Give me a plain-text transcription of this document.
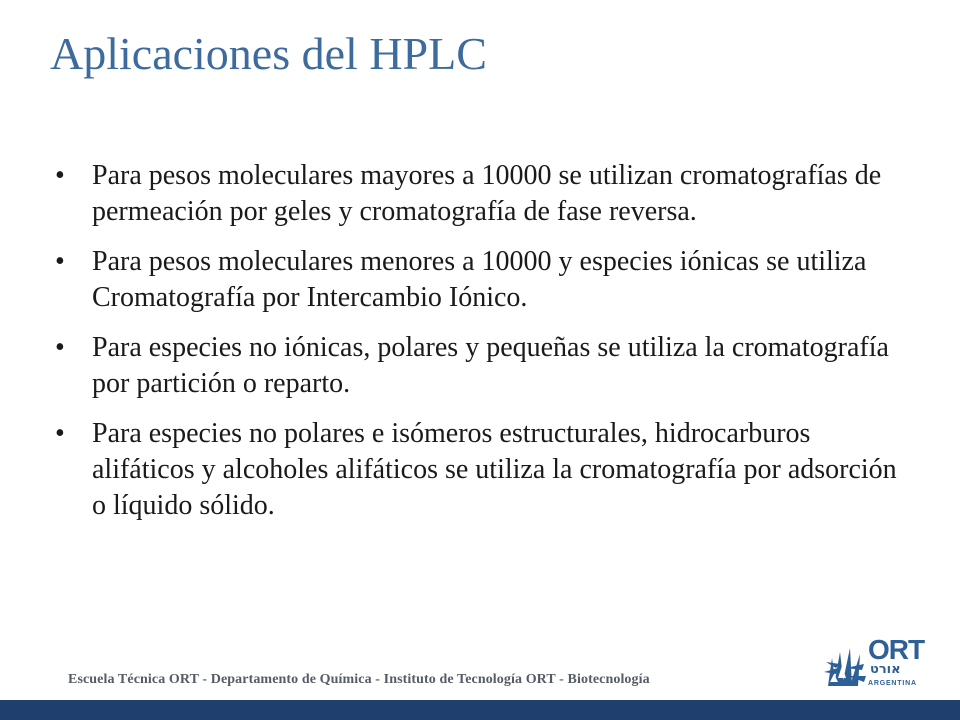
Aplicaciones del HPLC
• Para pesos moleculares mayores a 10000 se utilizan cromatografías de permeación por geles y cromatografía de fase reversa.
• Para pesos moleculares menores a 10000 y especies iónicas se utiliza Cromatografía por Intercambio Iónico.
• Para especies no iónicas, polares y pequeñas se utiliza la cromatografía por partición o reparto.
• Para especies no polares e isómeros estructurales, hidrocarburos alifáticos y alcoholes alifáticos se utiliza la cromatografía por adsorción o líquido sólido.
Escuela Técnica ORT - Departamento de Química - Instituto de Tecnología ORT - Biotecnología
ORT
אורט
ARGENTINA
